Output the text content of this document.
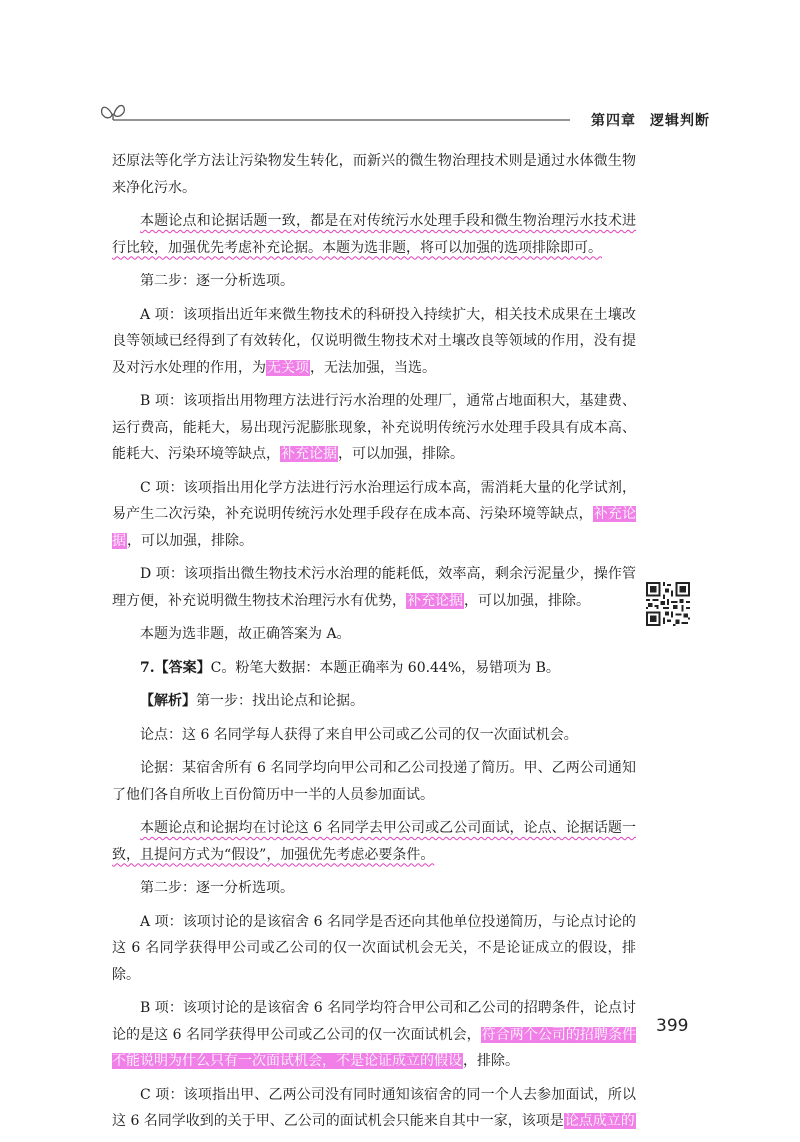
第四章 逻辑判断

还原法等化学方法让污染物发生转化，而新兴的微生物治理技术则是通过水体微生物来净化污水。

本题论点和论据话题一致，都是在对传统污水处理手段和微生物治理污水技术进行比较，加强优先考虑补充论据。本题为选非题，将可以加强的选项排除即可。

第二步：逐一分析选项。

A 项：该项指出近年来微生物技术的科研投入持续扩大，相关技术成果在土壤改良等领域已经得到了有效转化，仅说明微生物技术对土壤改良等领域的作用，没有提及对污水处理的作用，为无关项，无法加强，当选。

B 项：该项指出用物理方法进行污水治理的处理厂，通常占地面积大，基建费、运行费高，能耗大，易出现污泥膨胀现象，补充说明传统污水处理手段具有成本高、能耗大、污染环境等缺点，补充论据，可以加强，排除。

C 项：该项指出用化学方法进行污水治理运行成本高，需消耗大量的化学试剂，易产生二次污染，补充说明传统污水处理手段存在成本高、污染环境等缺点，补充论据，可以加强，排除。

D 项：该项指出微生物技术污水治理的能耗低，效率高，剩余污泥量少，操作管理方便，补充说明微生物技术治理污水有优势，补充论据，可以加强，排除。

本题为选非题，故正确答案为 A。

7.【答案】C。粉笔大数据：本题正确率为 60.44%，易错项为 B。

【解析】第一步：找出论点和论据。

论点：这 6 名同学每人获得了来自甲公司或乙公司的仅一次面试机会。

论据：某宿舍所有 6 名同学均向甲公司和乙公司投递了简历。甲、乙两公司通知了他们各自所收上百份简历中一半的人员参加面试。

本题论点和论据均在讨论这 6 名同学去甲公司或乙公司面试，论点、论据话题一致，且提问方式为“假设”，加强优先考虑必要条件。

第二步：逐一分析选项。

A 项：该项讨论的是该宿舍 6 名同学是否还向其他单位投递简历，与论点讨论的这 6 名同学获得甲公司或乙公司的仅一次面试机会无关，不是论证成立的假设，排除。

B 项：该项讨论的是该宿舍 6 名同学均符合甲公司和乙公司的招聘条件，论点讨论的是这 6 名同学获得甲公司或乙公司的仅一次面试机会，符合两个公司的招聘条件不能说明为什么只有一次面试机会，不是论证成立的假设，排除。

C 项：该项指出甲、乙两公司没有同时通知该宿舍的同一个人去参加面试，所以这 6 名同学收到的关于甲、乙公司的面试机会只能来自其中一家，该项是论点成立的

399
